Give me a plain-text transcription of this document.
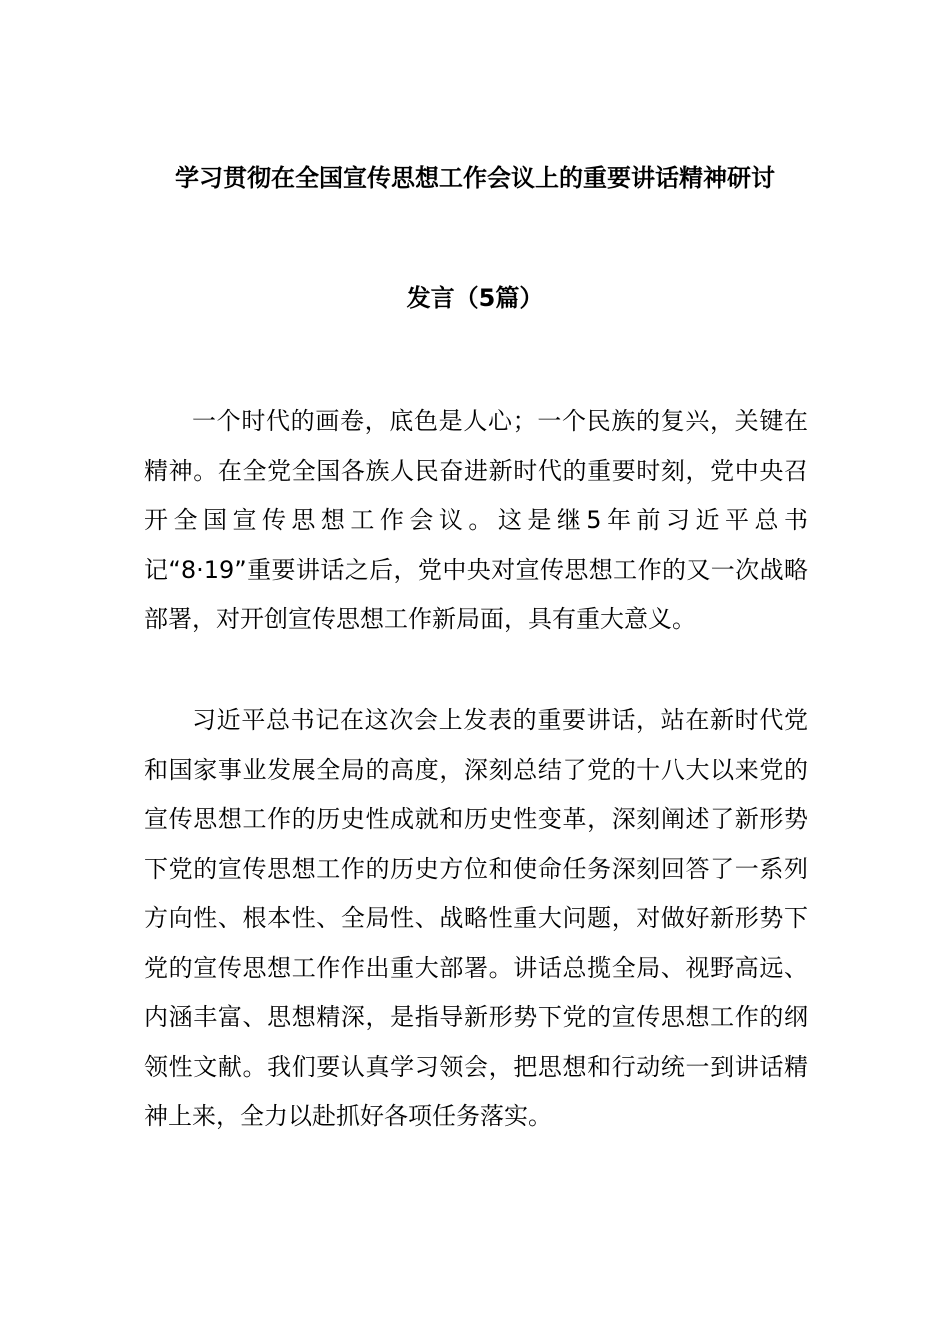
学习贯彻在全国宣传思想工作会议上的重要讲话精神研讨
发言（5篇）

一个时代的画卷，底色是人心；一个民族的复兴，关键在精神。在全党全国各族人民奋进新时代的重要时刻，党中央召开全国宣传思想工作会议。这是继5年前习近平总书记“8·19”重要讲话之后，党中央对宣传思想工作的又一次战略部署，对开创宣传思想工作新局面，具有重大意义。

习近平总书记在这次会上发表的重要讲话，站在新时代党和国家事业发展全局的高度，深刻总结了党的十八大以来党的宣传思想工作的历史性成就和历史性变革，深刻阐述了新形势下党的宣传思想工作的历史方位和使命任务深刻回答了一系列方向性、根本性、全局性、战略性重大问题，对做好新形势下党的宣传思想工作作出重大部署。讲话总揽全局、视野高远、内涵丰富、思想精深，是指导新形势下党的宣传思想工作的纲领性文献。我们要认真学习领会，把思想和行动统一到讲话精神上来，全力以赴抓好各项任务落实。
